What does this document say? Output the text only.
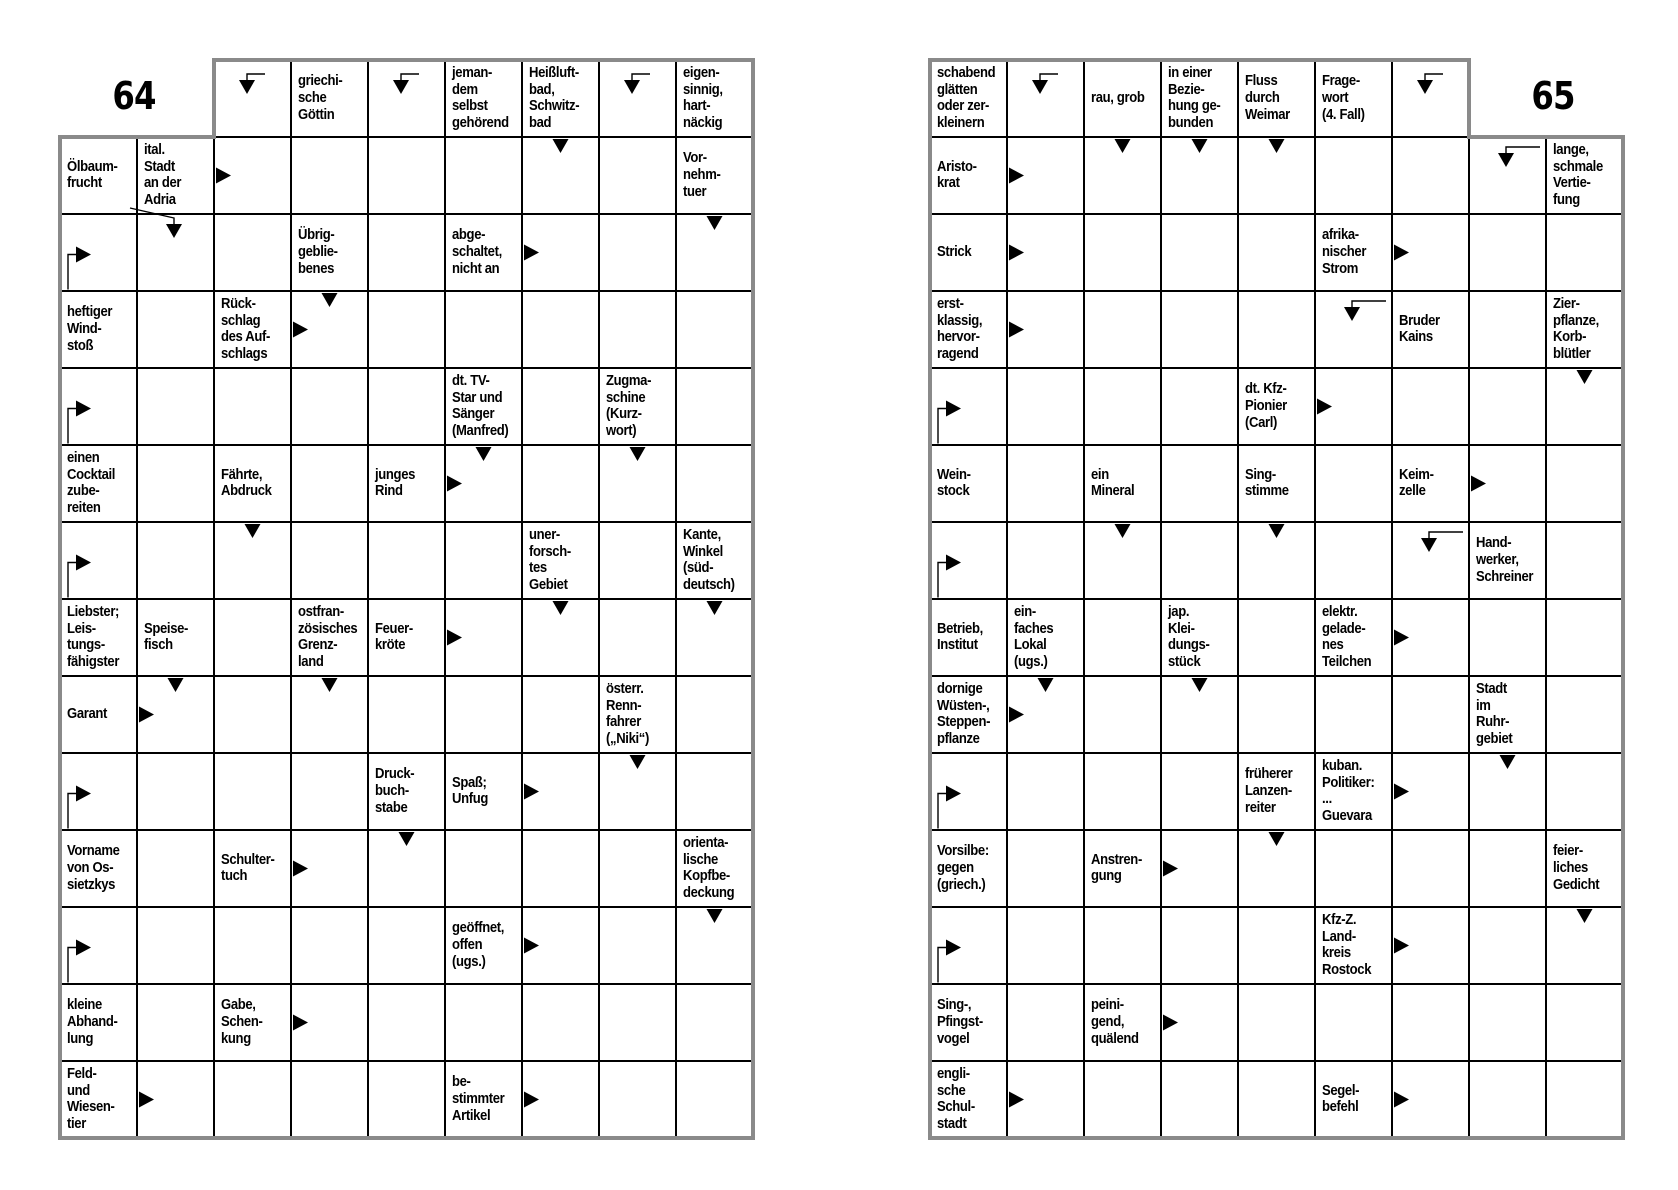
64	65
griechi-
sche
Göttin
jeman-
dem
selbst
gehörend
Heißluft-
bad,
Schwitz-
bad
eigen-
sinnig,
hart-
näckig
Ölbaum-
frucht
ital.
Stadt
an der
Adria
Vor-
nehm-
tuer
Übrig-
geblie-
benes
abge-
schaltet,
nicht an
heftiger
Wind-
stoß
Rück-
schlag
des Auf-
schlags
dt. TV-
Star und
Sänger
(Manfred)
Zugma-
schine
(Kurz-
wort)
einen
Cocktail
zube-
reiten
Fährte,
Abdruck
junges
Rind
uner-
forsch-
tes
Gebiet
Kante,
Winkel
(süd-
deutsch)
Liebster;
Leis-
tungs-
fähigster
Speise-
fisch
ostfran-
zösisches
Grenz-
land
Feuer-
kröte
Garant
österr.
Renn-
fahrer
(„Niki“)
Druck-
buch-
stabe
Spaß;
Unfug
Vorname
von Os-
sietzkys
Schulter-
tuch
orienta-
lische
Kopfbe-
deckung
geöffnet,
offen
(ugs.)
kleine
Abhand-
lung
Gabe,
Schen-
kung
Feld-
und
Wiesen-
tier
be-
stimmter
Artikel
schabend
glätten
oder zer-
kleinern
rau, grob
in einer
Bezie-
hung ge-
bunden
Fluss
durch
Weimar
Frage-
wort
(4. Fall)
Aristo-
krat
lange,
schmale
Vertie-
fung
Strick
afrika-
nischer
Strom
erst-
klassig,
hervor-
ragend
Bruder
Kains
Zier-
pflanze,
Korb-
blütler
dt. Kfz-
Pionier
(Carl)
Wein-
stock
ein
Mineral
Sing-
stimme
Keim-
zelle
Hand-
werker,
Schreiner
Betrieb,
Institut
ein-
faches
Lokal
(ugs.)
jap.
Klei-
dungs-
stück
elektr.
gelade-
nes
Teilchen
dornige
Wüsten-,
Steppen-
pflanze
Stadt
im
Ruhr-
gebiet
früherer
Lanzen-
reiter
kuban.
Politiker:
...
Guevara
Vorsilbe:
gegen
(griech.)
Anstren-
gung
feier-
liches
Gedicht
Kfz-Z.
Land-
kreis
Rostock
Sing-,
Pfingst-
vogel
peini-
gend,
quälend
engli-
sche
Schul-
stadt
Segel-
befehl
